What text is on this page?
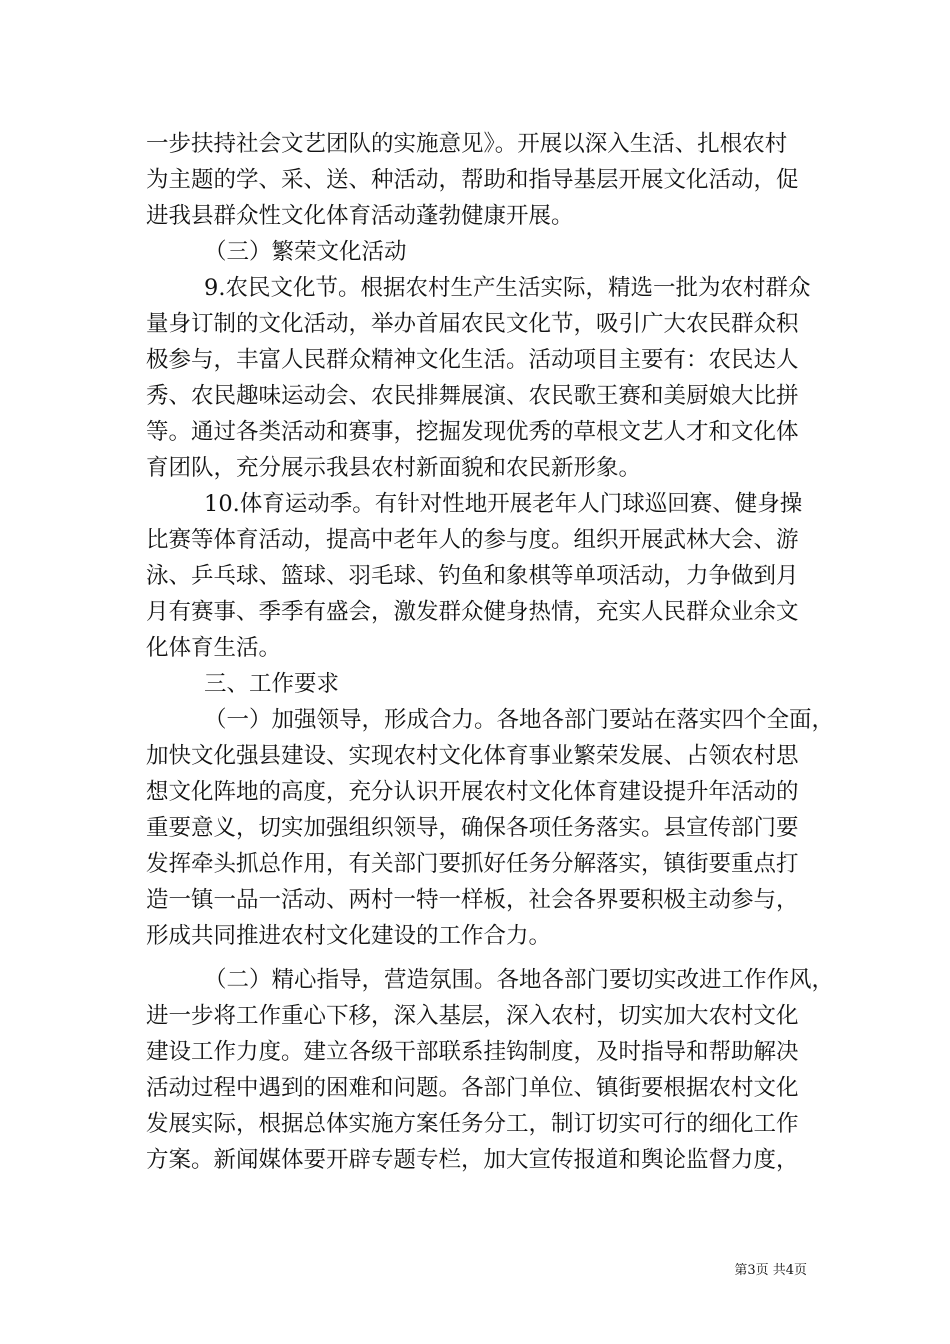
一步扶持社会文艺团队的实施意见》。开展以深入生活、扎根农村
为主题的学、采、送、种活动，帮助和指导基层开展文化活动，促
进我县群众性文化体育活动蓬勃健康开展。
（三）繁荣文化活动
9.农民文化节。根据农村生产生活实际，精选一批为农村群众
量身订制的文化活动，举办首届农民文化节，吸引广大农民群众积
极参与，丰富人民群众精神文化生活。活动项目主要有：农民达人
秀、农民趣味运动会、农民排舞展演、农民歌王赛和美厨娘大比拼
等。通过各类活动和赛事，挖掘发现优秀的草根文艺人才和文化体
育团队，充分展示我县农村新面貌和农民新形象。
10.体育运动季。有针对性地开展老年人门球巡回赛、健身操
比赛等体育活动，提高中老年人的参与度。组织开展武林大会、游
泳、乒乓球、篮球、羽毛球、钓鱼和象棋等单项活动，力争做到月
月有赛事、季季有盛会，激发群众健身热情，充实人民群众业余文
化体育生活。
三、工作要求
（一）加强领导，形成合力。各地各部门要站在落实四个全面，
加快文化强县建设、实现农村文化体育事业繁荣发展、占领农村思
想文化阵地的高度，充分认识开展农村文化体育建设提升年活动的
重要意义，切实加强组织领导，确保各项任务落实。县宣传部门要
发挥牵头抓总作用，有关部门要抓好任务分解落实，镇街要重点打
造一镇一品一活动、两村一特一样板，社会各界要积极主动参与，
形成共同推进农村文化建设的工作合力。
（二）精心指导，营造氛围。各地各部门要切实改进工作作风，
进一步将工作重心下移，深入基层，深入农村，切实加大农村文化
建设工作力度。建立各级干部联系挂钩制度，及时指导和帮助解决
活动过程中遇到的困难和问题。各部门单位、镇街要根据农村文化
发展实际，根据总体实施方案任务分工，制订切实可行的细化工作
方案。新闻媒体要开辟专题专栏，加大宣传报道和舆论监督力度，
第3页 共4页
